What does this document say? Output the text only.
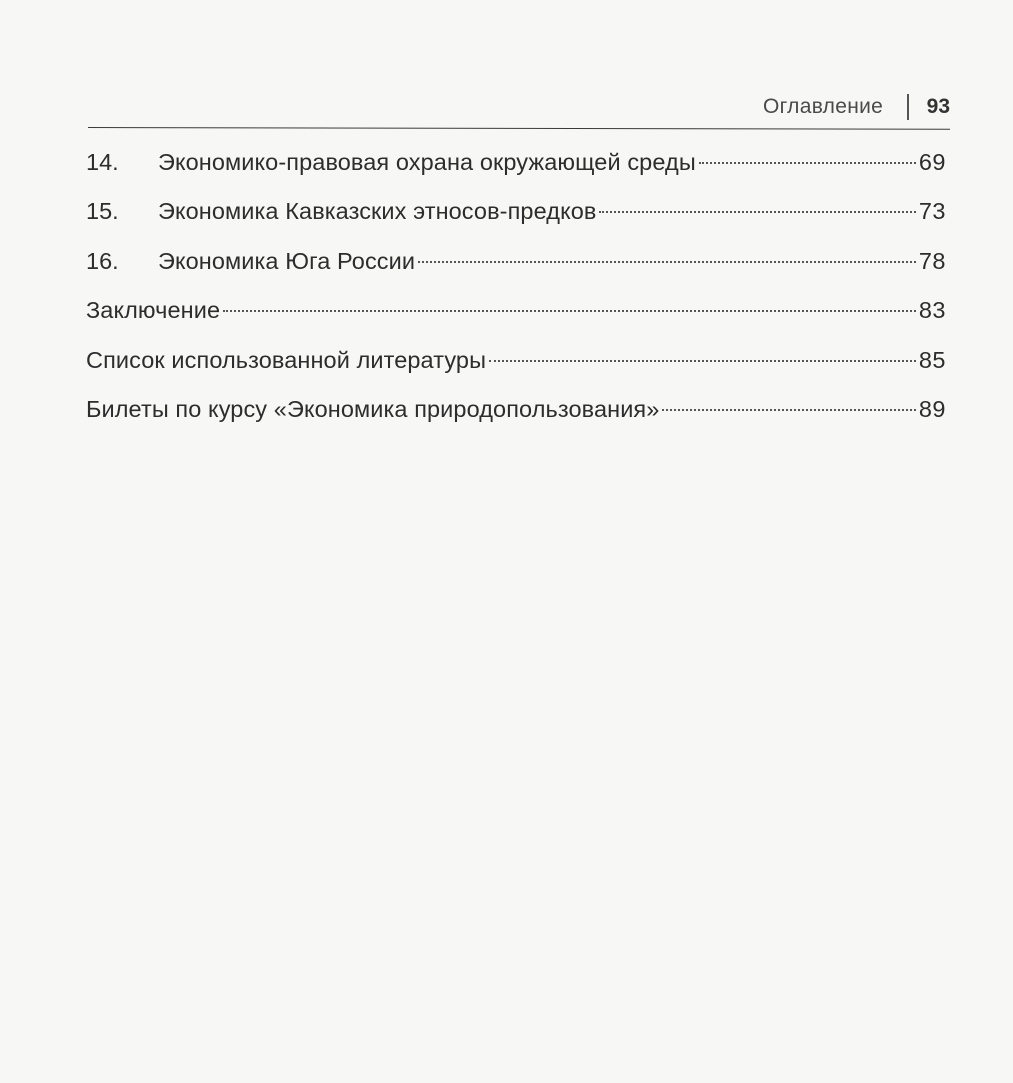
Оглавление 93
14.	Экономико-правовая охрана окружающей среды	69
15.	Экономика Кавказских этносов-предков	73
16.	Экономика Юга России	78
Заключение	83
Список использованной литературы	85
Билеты по курсу «Экономика природопользования»	89
